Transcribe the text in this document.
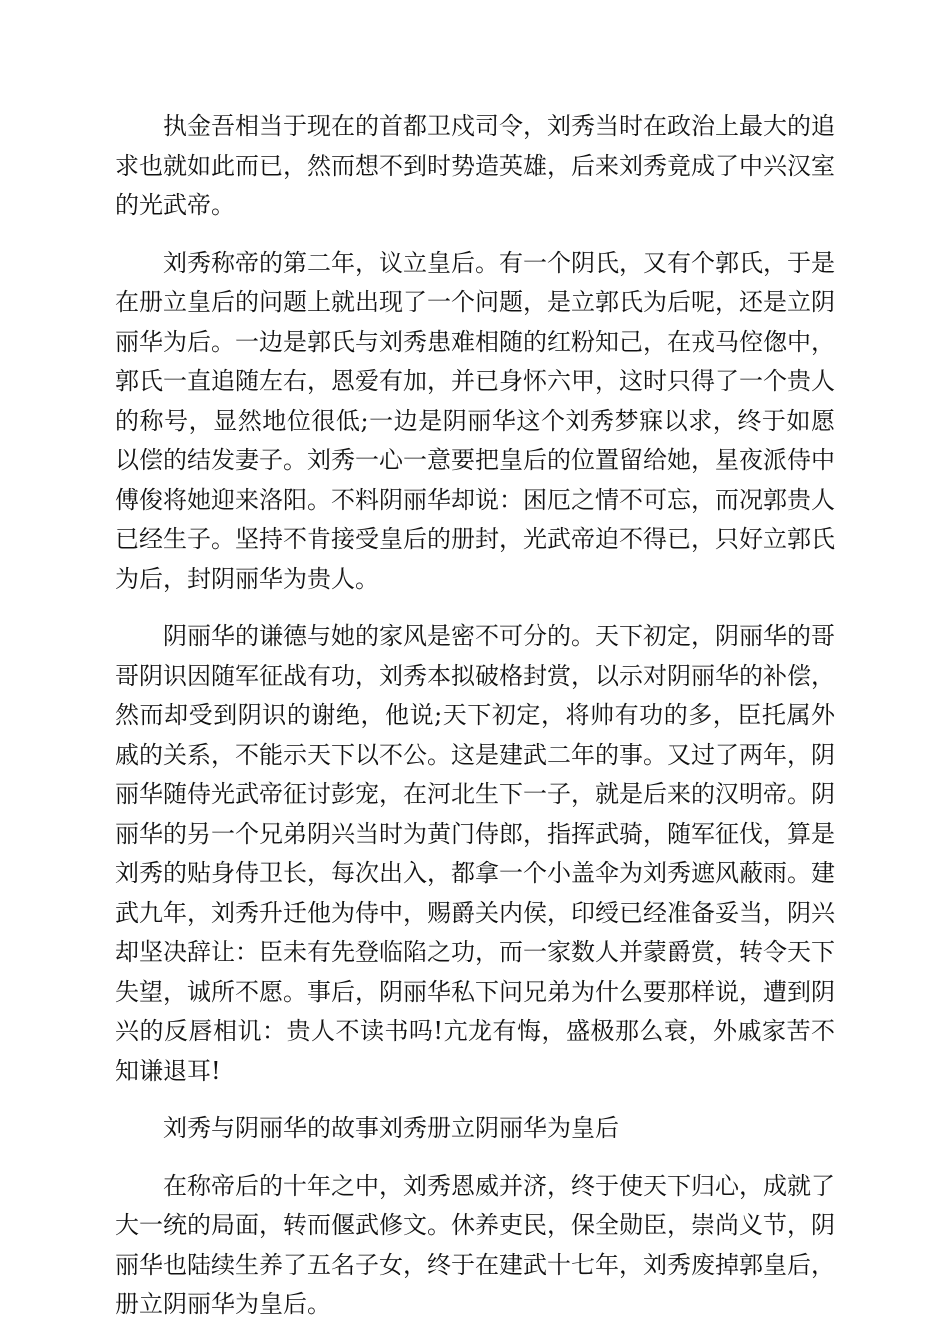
执金吾相当于现在的首都卫戍司令，刘秀当时在政治上最大的追求也就如此而已，然而想不到时势造英雄，后来刘秀竟成了中兴汉室的光武帝。

刘秀称帝的第二年，议立皇后。有一个阴氏，又有个郭氏，于是在册立皇后的问题上就出现了一个问题，是立郭氏为后呢，还是立阴丽华为后。一边是郭氏与刘秀患难相随的红粉知己，在戎马倥偬中，郭氏一直追随左右，恩爱有加，并已身怀六甲，这时只得了一个贵人的称号，显然地位很低;一边是阴丽华这个刘秀梦寐以求，终于如愿以偿的结发妻子。刘秀一心一意要把皇后的位置留给她，星夜派侍中傅俊将她迎来洛阳。不料阴丽华却说：困厄之情不可忘，而况郭贵人已经生子。坚持不肯接受皇后的册封，光武帝迫不得已，只好立郭氏为后，封阴丽华为贵人。

阴丽华的谦德与她的家风是密不可分的。天下初定，阴丽华的哥哥阴识因随军征战有功，刘秀本拟破格封赏，以示对阴丽华的补偿，然而却受到阴识的谢绝，他说;天下初定，将帅有功的多，臣托属外戚的关系，不能示天下以不公。这是建武二年的事。又过了两年，阴丽华随侍光武帝征讨彭宠，在河北生下一子，就是后来的汉明帝。阴丽华的另一个兄弟阴兴当时为黄门侍郎，指挥武骑，随军征伐，算是刘秀的贴身侍卫长，每次出入，都拿一个小盖伞为刘秀遮风蔽雨。建武九年，刘秀升迁他为侍中，赐爵关内侯，印绶已经准备妥当，阴兴却坚决辞让：臣未有先登临陷之功，而一家数人并蒙爵赏，转令天下失望，诚所不愿。事后，阴丽华私下问兄弟为什么要那样说，遭到阴兴的反唇相讥：贵人不读书吗!亢龙有悔，盛极那么衰，外戚家苦不知谦退耳!

刘秀与阴丽华的故事刘秀册立阴丽华为皇后

在称帝后的十年之中，刘秀恩威并济，终于使天下归心，成就了大一统的局面，转而偃武修文。休养吏民，保全勋臣，崇尚义节，阴丽华也陆续生养了五名子女，终于在建武十七年，刘秀废掉郭皇后，册立阴丽华为皇后。
